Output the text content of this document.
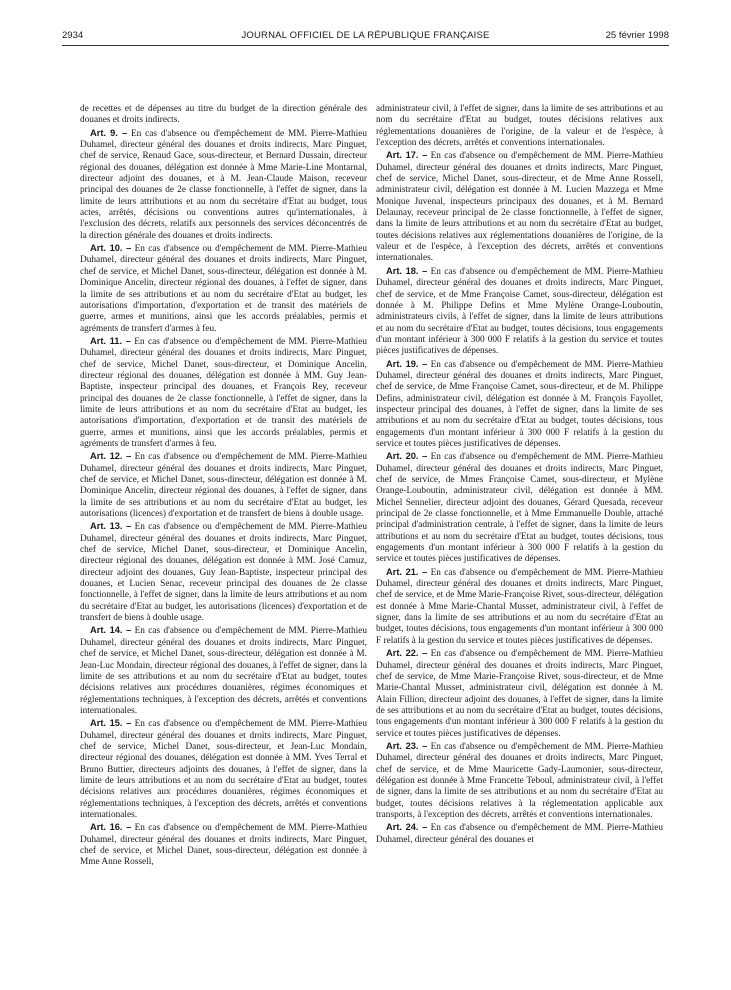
2934	JOURNAL OFFICIEL DE LA RÉPUBLIQUE FRANÇAISE	25 février 1998

de recettes et de dépenses au titre du budget de la direction générale des douanes et droits indirects.

Art. 9. – En cas d'absence ou d'empêchement de MM. Pierre-Mathieu Duhamel, directeur général des douanes et droits indirects, Marc Pinguet, chef de service, Renaud Gace, sous-directeur, et Bernard Dussain, directeur régional des douanes, délégation est donnée à Mme Marie-Line Montarnal, directeur adjoint des douanes, et à M. Jean-Claude Maison, receveur principal des douanes de 2e classe fonctionnelle, à l'effet de signer, dans la limite de leurs attributions et au nom du secrétaire d'Etat au budget, tous actes, arrêtés, décisions ou conventions autres qu'internationales, à l'exclusion des décrets, relatifs aux personnels des services déconcentrés de la direction générale des douanes et droits indirects.

Art. 10. – En cas d'absence ou d'empêchement de MM. Pierre-Mathieu Duhamel, directeur général des douanes et droits indirects, Marc Pinguet, chef de service, et Michel Danet, sous-directeur, délégation est donnée à M. Dominique Ancelin, directeur régional des douanes, à l'effet de signer, dans la limite de ses attributions et au nom du secrétaire d'Etat au budget, les autorisations d'importation, d'exportation et de transit des matériels de guerre, armes et munitions, ainsi que les accords préalables, permis et agréments de transfert d'armes à feu.

Art. 11. – En cas d'absence ou d'empêchement de MM. Pierre-Mathieu Duhamel, directeur général des douanes et droits indirects, Marc Pinguet, chef de service, Michel Danet, sous-directeur, et Dominique Ancelin, directeur régional des douanes, délégation est donnée à MM. Guy Jean-Baptiste, inspecteur principal des douanes, et François Rey, receveur principal des douanes de 2e classe fonctionnelle, à l'effet de signer, dans la limite de leurs attributions et au nom du secrétaire d'Etat au budget, les autorisations d'importation, d'exportation et de transit des matériels de guerre, armes et munitions, ainsi que les accords préalables, permis et agréments de transfert d'armes à feu.

Art. 12. – En cas d'absence ou d'empêchement de MM. Pierre-Mathieu Duhamel, directeur général des douanes et droits indirects, Marc Pinguet, chef de service, et Michel Danet, sous-directeur, délégation est donnée à M. Dominique Ancelin, directeur régional des douanes, à l'effet de signer, dans la limite de ses attributions et au nom du secrétaire d'Etat au budget, les autorisations (licences) d'exportation et de transfert de biens à double usage.

Art. 13. – En cas d'absence ou d'empêchement de MM. Pierre-Mathieu Duhamel, directeur général des douanes et droits indirects, Marc Pinguet, chef de service, Michel Danet, sous-directeur, et Dominique Ancelin, directeur régional des douanes, délégation est donnée à MM. José Camuz, directeur adjoint des douanes, Guy Jean-Baptiste, inspecteur principal des douanes, et Lucien Senac, receveur principal des douanes de 2e classe fonctionnelle, à l'effet de signer, dans la limite de leurs attributions et au nom du secrétaire d'Etat au budget, les autorisations (licences) d'exportation et de transfert de biens à double usage.

Art. 14. – En cas d'absence ou d'empêchement de MM. Pierre-Mathieu Duhamel, directeur général des douanes et droits indirects, Marc Pinguet, chef de service, et Michel Danet, sous-directeur, délégation est donnée à M. Jean-Luc Mondain, directeur régional des douanes, à l'effet de signer, dans la limite de ses attributions et au nom du secrétaire d'Etat au budget, toutes décisions relatives aux procédures douanières, régimes économiques et réglementations techniques, à l'exception des décrets, arrêtés et conventions internationales.

Art. 15. – En cas d'absence ou d'empêchement de MM. Pierre-Mathieu Duhamel, directeur général des douanes et droits indirects, Marc Pinguet, chef de service, Michel Danet, sous-directeur, et Jean-Luc Mondain, directeur régional des douanes, délégation est donnée à MM. Yves Terral et Bruno Buttier, directeurs adjoints des douanes, à l'effet de signer, dans la limite de leurs attributions et au nom du secrétaire d'Etat au budget, toutes décisions relatives aux procédures douanières, régimes économiques et réglementations techniques, à l'exception des décrets, arrêtés et conventions internationales.

Art. 16. – En cas d'absence ou d'empêchement de MM. Pierre-Mathieu Duhamel, directeur général des douanes et droits indirects, Marc Pinguet, chef de service, et Michel Danet, sous-directeur, délégation est donnée à Mme Anne Rossell,

administrateur civil, à l'effet de signer, dans la limite de ses attributions et au nom du secrétaire d'Etat au budget, toutes décisions relatives aux réglementations douanières de l'origine, de la valeur et de l'espèce, à l'exception des décrets, arrêtés et conventions internationales.

Art. 17. – En cas d'absence ou d'empêchement de MM. Pierre-Mathieu Duhamel, directeur général des douanes et droits indirects, Marc Pinguet, chef de service, Michel Danet, sous-directeur, et de Mme Anne Rossell, administrateur civil, délégation est donnée à M. Lucien Mazzega et Mme Monique Juvenal, inspecteurs principaux des douanes, et à M. Bernard Delaunay, receveur principal de 2e classe fonctionnelle, à l'effet de signer, dans la limite de leurs attributions et au nom du secrétaire d'Etat au budget, toutes décisions relatives aux réglementations douanières de l'origine, de la valeur et de l'espèce, à l'exception des décrets, arrêtés et conventions internationales.

Art. 18. – En cas d'absence ou d'empêchement de MM. Pierre-Mathieu Duhamel, directeur général des douanes et droits indirects, Marc Pinguet, chef de service, et de Mme Françoise Camet, sous-directeur, délégation est donnée à M. Philippe Defins et Mme Mylène Orange-Louboutin, administrateurs civils, à l'effet de signer, dans la limite de leurs attributions et au nom du secrétaire d'Etat au budget, toutes décisions, tous engagements d'un montant inférieur à 300 000 F relatifs à la gestion du service et toutes pièces justificatives de dépenses.

Art. 19. – En cas d'absence ou d'empêchement de MM. Pierre-Mathieu Duhamel, directeur général des douanes et droits indirects, Marc Pinguet, chef de service, de Mme Françoise Camet, sous-directeur, et de M. Philippe Defins, administrateur civil, délégation est donnée à M. François Fayollet, inspecteur principal des douanes, à l'effet de signer, dans la limite de ses attributions et au nom du secrétaire d'Etat au budget, toutes décisions, tous engagements d'un montant inférieur à 300 000 F relatifs à la gestion du service et toutes pièces justificatives de dépenses.

Art. 20. – En cas d'absence ou d'empêchement de MM. Pierre-Mathieu Duhamel, directeur général des douanes et droits indirects, Marc Pinguet, chef de service, de Mmes Françoise Camet, sous-directeur, et Mylène Orange-Louboutin, administrateur civil, délégation est donnée à MM. Michel Sennelier, directeur adjoint des douanes, Gérard Quesada, receveur principal de 2e classe fonctionnelle, et à Mme Emmanuelle Double, attaché principal d'administration centrale, à l'effet de signer, dans la limite de leurs attributions et au nom du secrétaire d'Etat au budget, toutes décisions, tous engagements d'un montant inférieur à 300 000 F relatifs à la gestion du service et toutes pièces justificatives de dépenses.

Art. 21. – En cas d'absence ou d'empêchement de MM. Pierre-Mathieu Duhamel, directeur général des douanes et droits indirects, Marc Pinguet, chef de service, et de Mme Marie-Françoise Rivet, sous-directeur, délégation est donnée à Mme Marie-Chantal Musset, administrateur civil, à l'effet de signer, dans la limite de ses attributions et au nom du secrétaire d'Etat au budget, toutes décisions, tous engagements d'un montant inférieur à 300 000 F relatifs à la gestion du service et toutes pièces justificatives de dépenses.

Art. 22. – En cas d'absence ou d'empêchement de MM. Pierre-Mathieu Duhamel, directeur général des douanes et droits indirects, Marc Pinguet, chef de service, de Mme Marie-Françoise Rivet, sous-directeur, et de Mme Marie-Chantal Musset, administrateur civil, délégation est donnée à M. Alain Fillion, directeur adjoint des douanes, à l'effet de signer, dans la limite de ses attributions et au nom du secrétaire d'Etat au budget, toutes décisions, tous engagements d'un montant inférieur à 300 000 F relatifs à la gestion du service et toutes pièces justificatives de dépenses.

Art. 23. – En cas d'absence ou d'empêchement de MM. Pierre-Mathieu Duhamel, directeur général des douanes et droits indirects, Marc Pinguet, chef de service, et de Mme Mauricette Gady-Laumonier, sous-directeur, délégation est donnée à Mme Francette Teboul, administrateur civil, à l'effet de signer, dans la limite de ses attributions et au nom du secrétaire d'Etat au budget, toutes décisions relatives à la réglementation applicable aux transports, à l'exception des décrets, arrêtés et conventions internationales.

Art. 24. – En cas d'absence ou d'empêchement de MM. Pierre-Mathieu Duhamel, directeur général des douanes et
